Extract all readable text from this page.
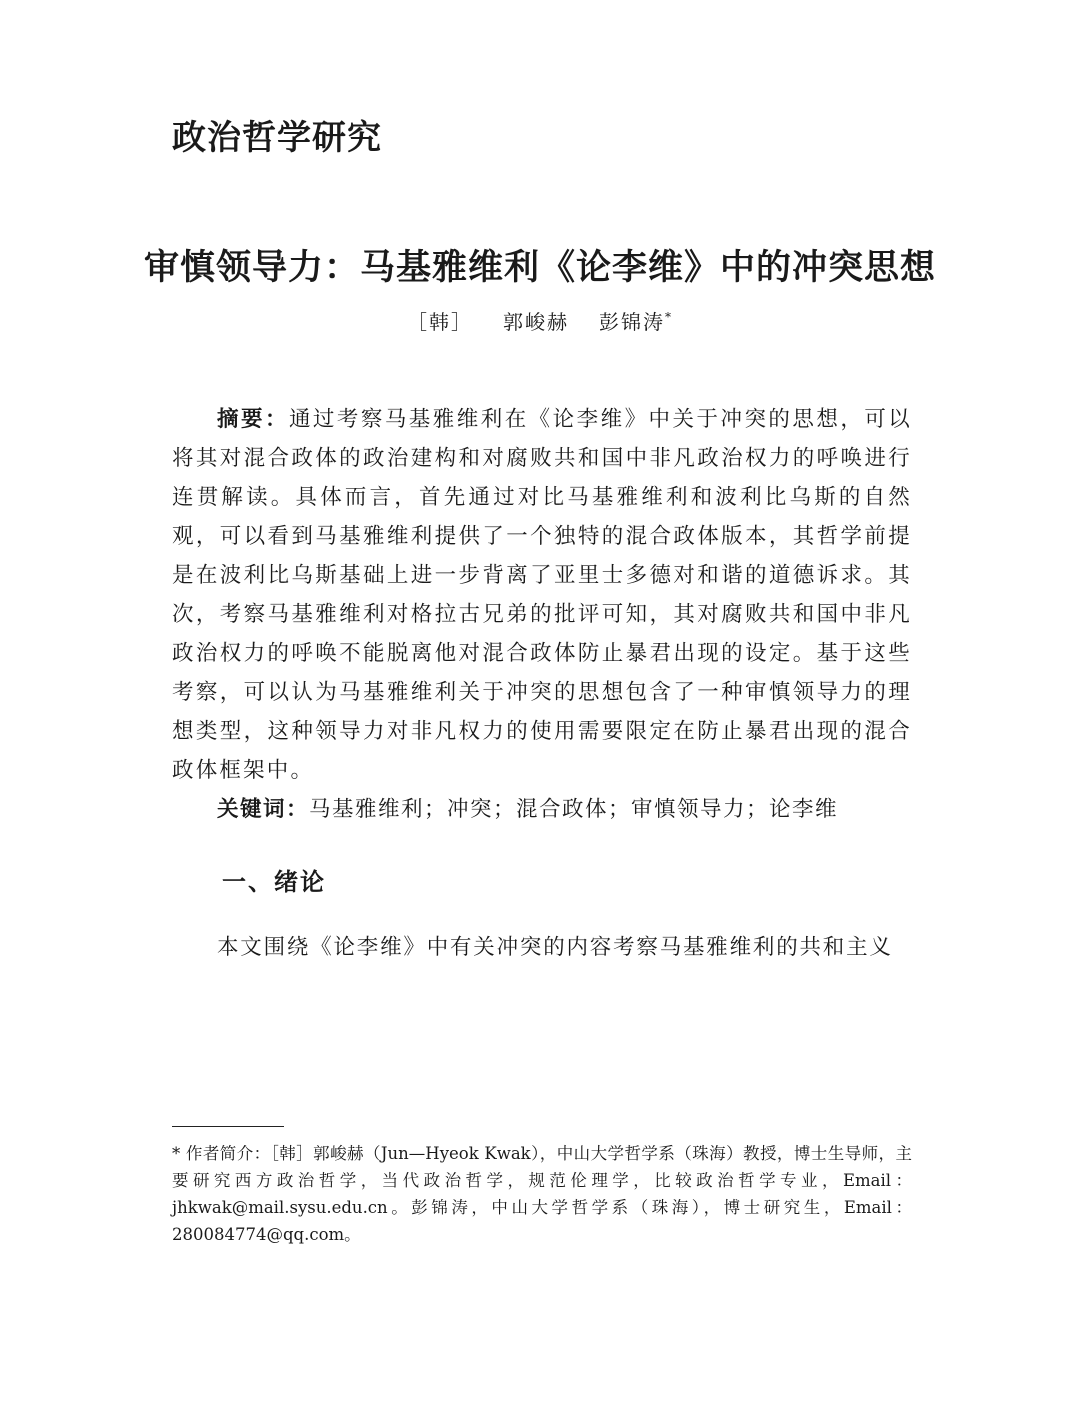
政治哲学研究
审慎领导力：马基雅维利《论李维》中的冲突思想
［韩］ 郭峻赫 彭锦涛*
摘要：通过考察马基雅维利在《论李维》中关于冲突的思想，可以将其对混合政体的政治建构和对腐败共和国中非凡政治权力的呼唤进行连贯解读。具体而言，首先通过对比马基雅维利和波利比乌斯的自然观，可以看到马基雅维利提供了一个独特的混合政体版本，其哲学前提是在波利比乌斯基础上进一步背离了亚里士多德对和谐的道德诉求。其次，考察马基雅维利对格拉古兄弟的批评可知，其对腐败共和国中非凡政治权力的呼唤不能脱离他对混合政体防止暴君出现的设定。基于这些考察，可以认为马基雅维利关于冲突的思想包含了一种审慎领导力的理想类型，这种领导力对非凡权力的使用需要限定在防止暴君出现的混合政体框架中。
关键词：马基雅维利；冲突；混合政体；审慎领导力；论李维
一、绪论
本文围绕《论李维》中有关冲突的内容考察马基雅维利的共和主义
* 作者简介：［韩］郭峻赫（Jun—Hyeok Kwak），中山大学哲学系（珠海）教授，博士生导师，主要研究西方政治哲学，当代政治哲学，规范伦理学，比较政治哲学专业，Email：jhkwak@mail.sysu.edu.cn。彭锦涛，中山大学哲学系（珠海），博士研究生，Email：280084774@qq.com。
